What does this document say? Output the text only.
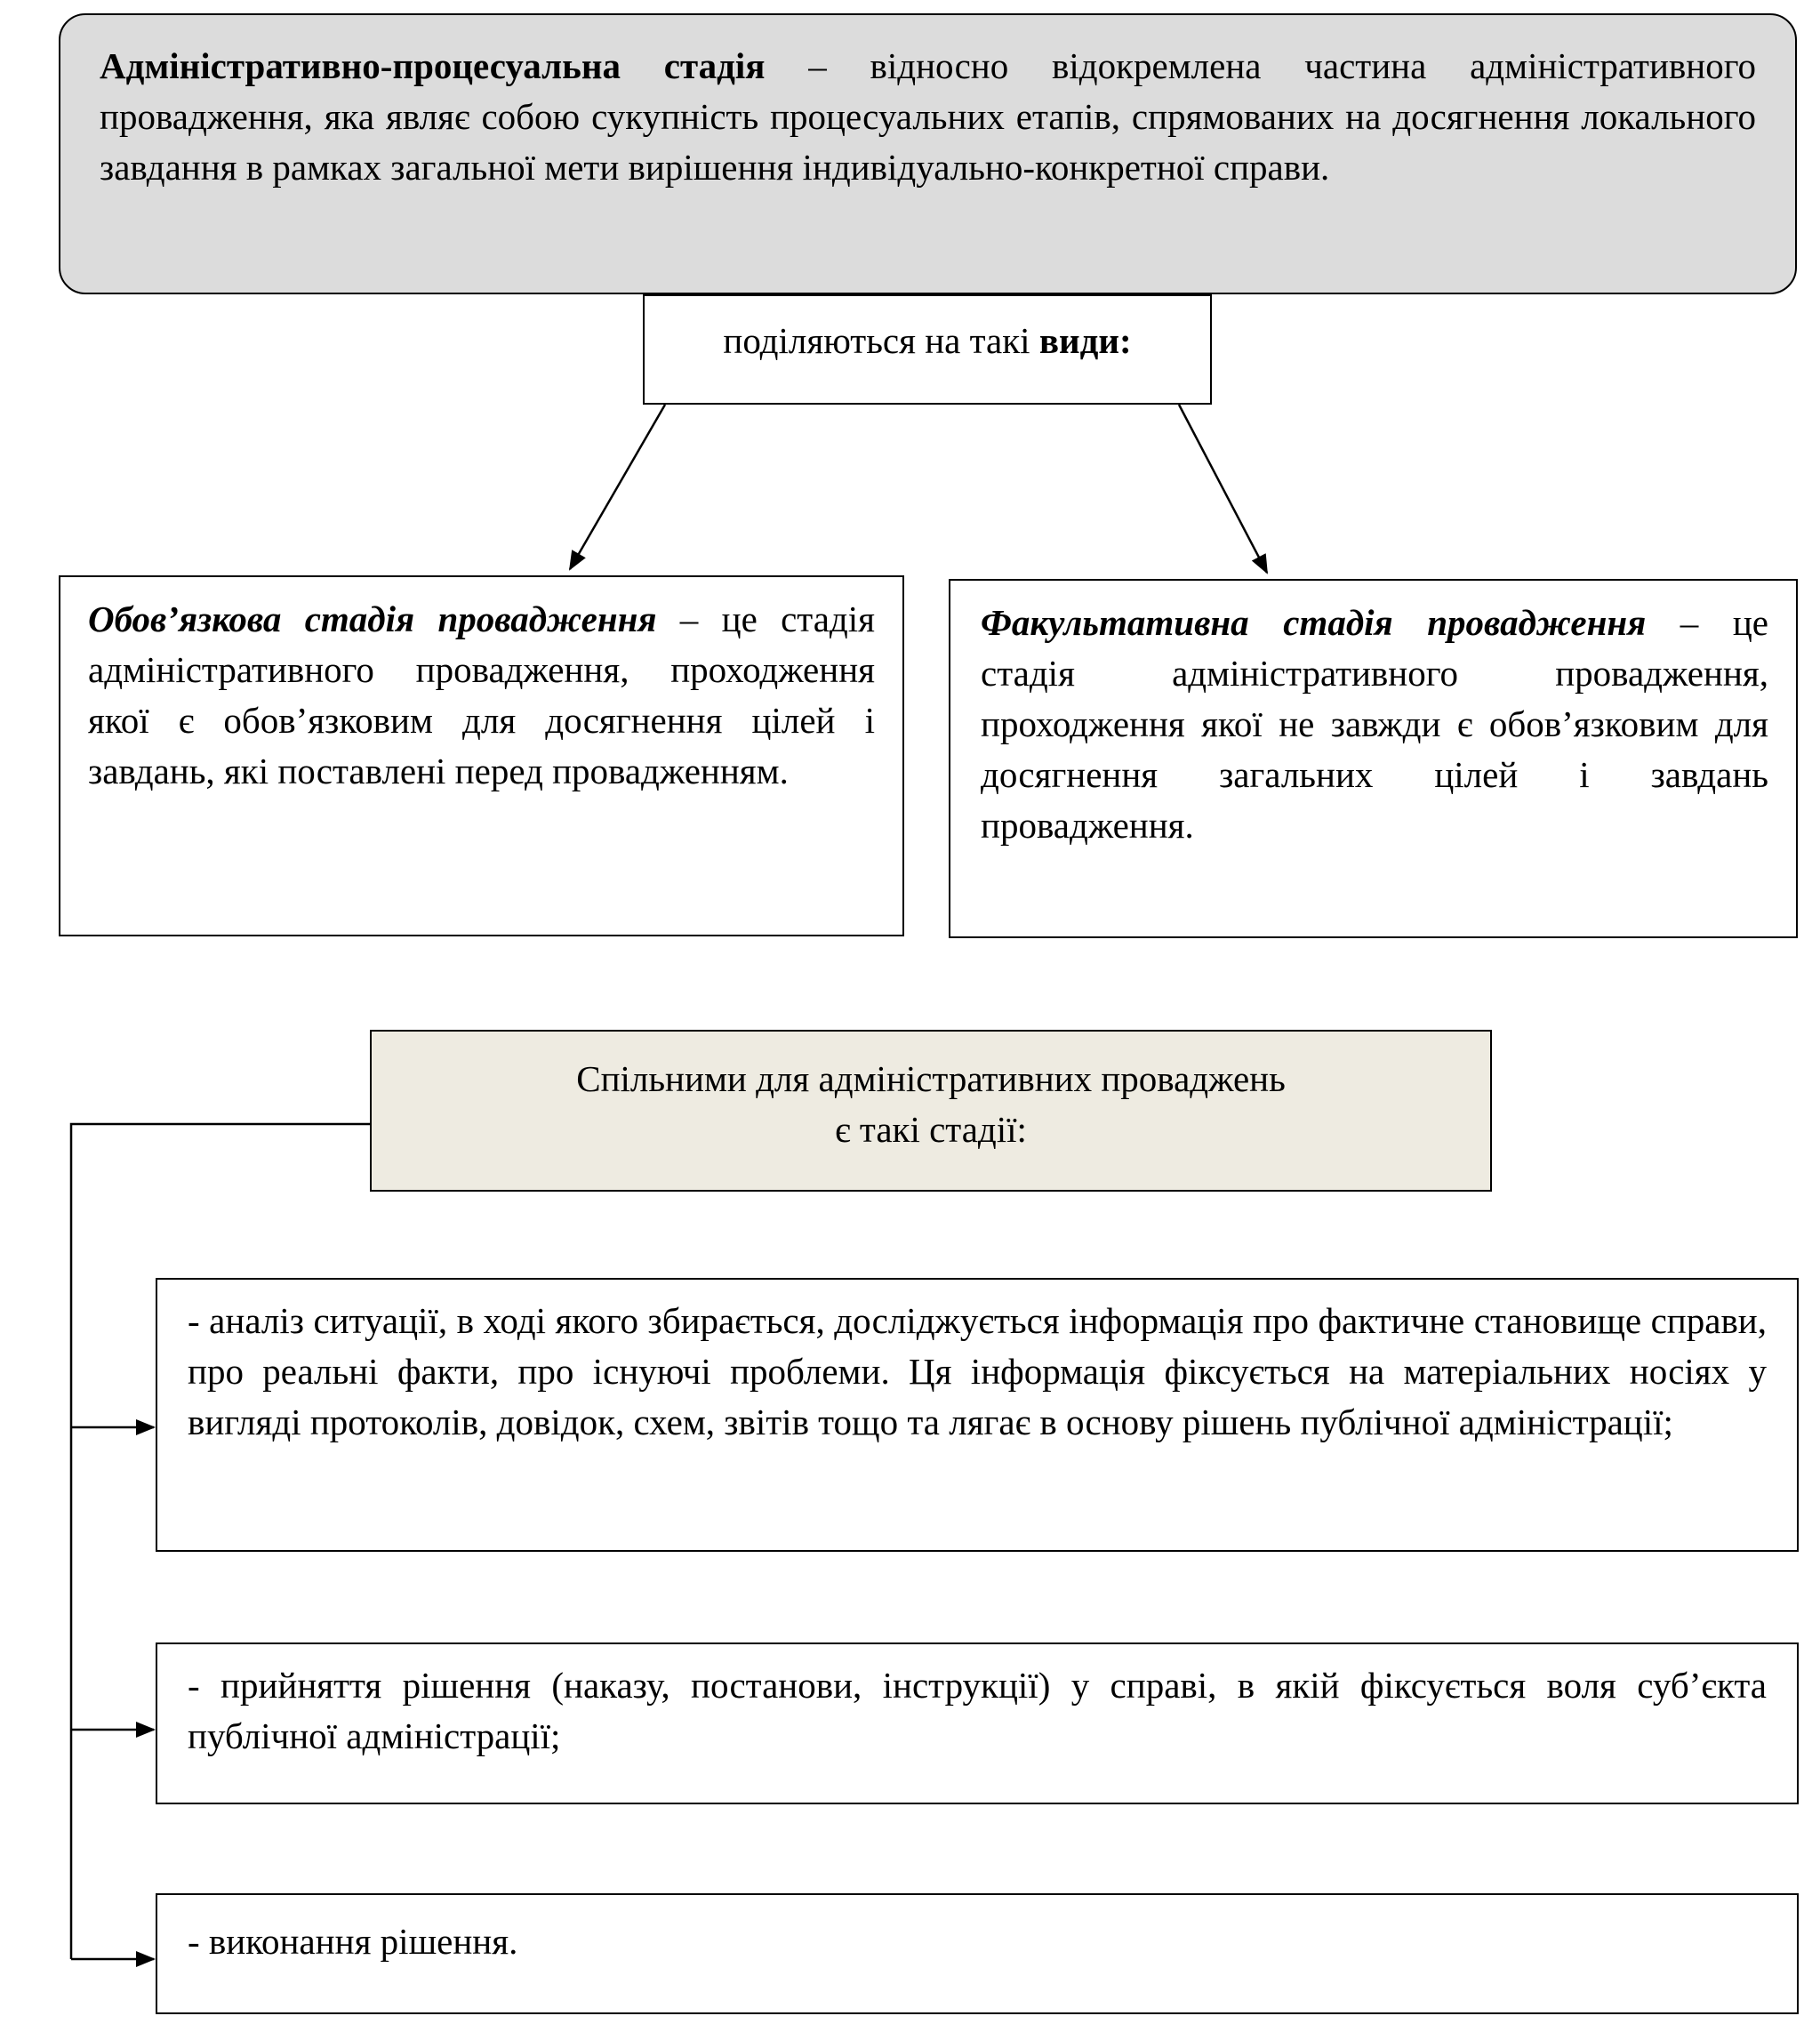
Адміністративно-процесуальна стадія – відносно відокремлена частина адміністративного провадження, яка являє собою сукупність процесуальних етапів, спрямованих на досягнення локального завдання в рамках загальної мети вирішення індивідуально-конкретної справи.
поділяються на такі види:
Обов’язкова стадія провадження – це стадія адміністративного провадження, проходження якої є обов’язковим для досягнення цілей і завдань, які поставлені перед провадженням.
Факультативна стадія провадження – це стадія адміністративного провадження, проходження якої не завжди є обов’язковим для досягнення загальних цілей і завдань провадження.
Спільними для адміністративних проваджень
є такі стадії:
- аналіз ситуації, в ході якого збирається, досліджується інформація про фактичне становище справи, про реальні факти, про існуючі проблеми. Ця інформація фіксується на матеріальних носіях у вигляді протоколів, довідок, схем, звітів тощо та лягає в основу рішень публічної адміністрації;
- прийняття рішення (наказу, постанови, інструкції) у справі, в якій фіксується воля суб’єкта публічної адміністрації;
- виконання рішення.
